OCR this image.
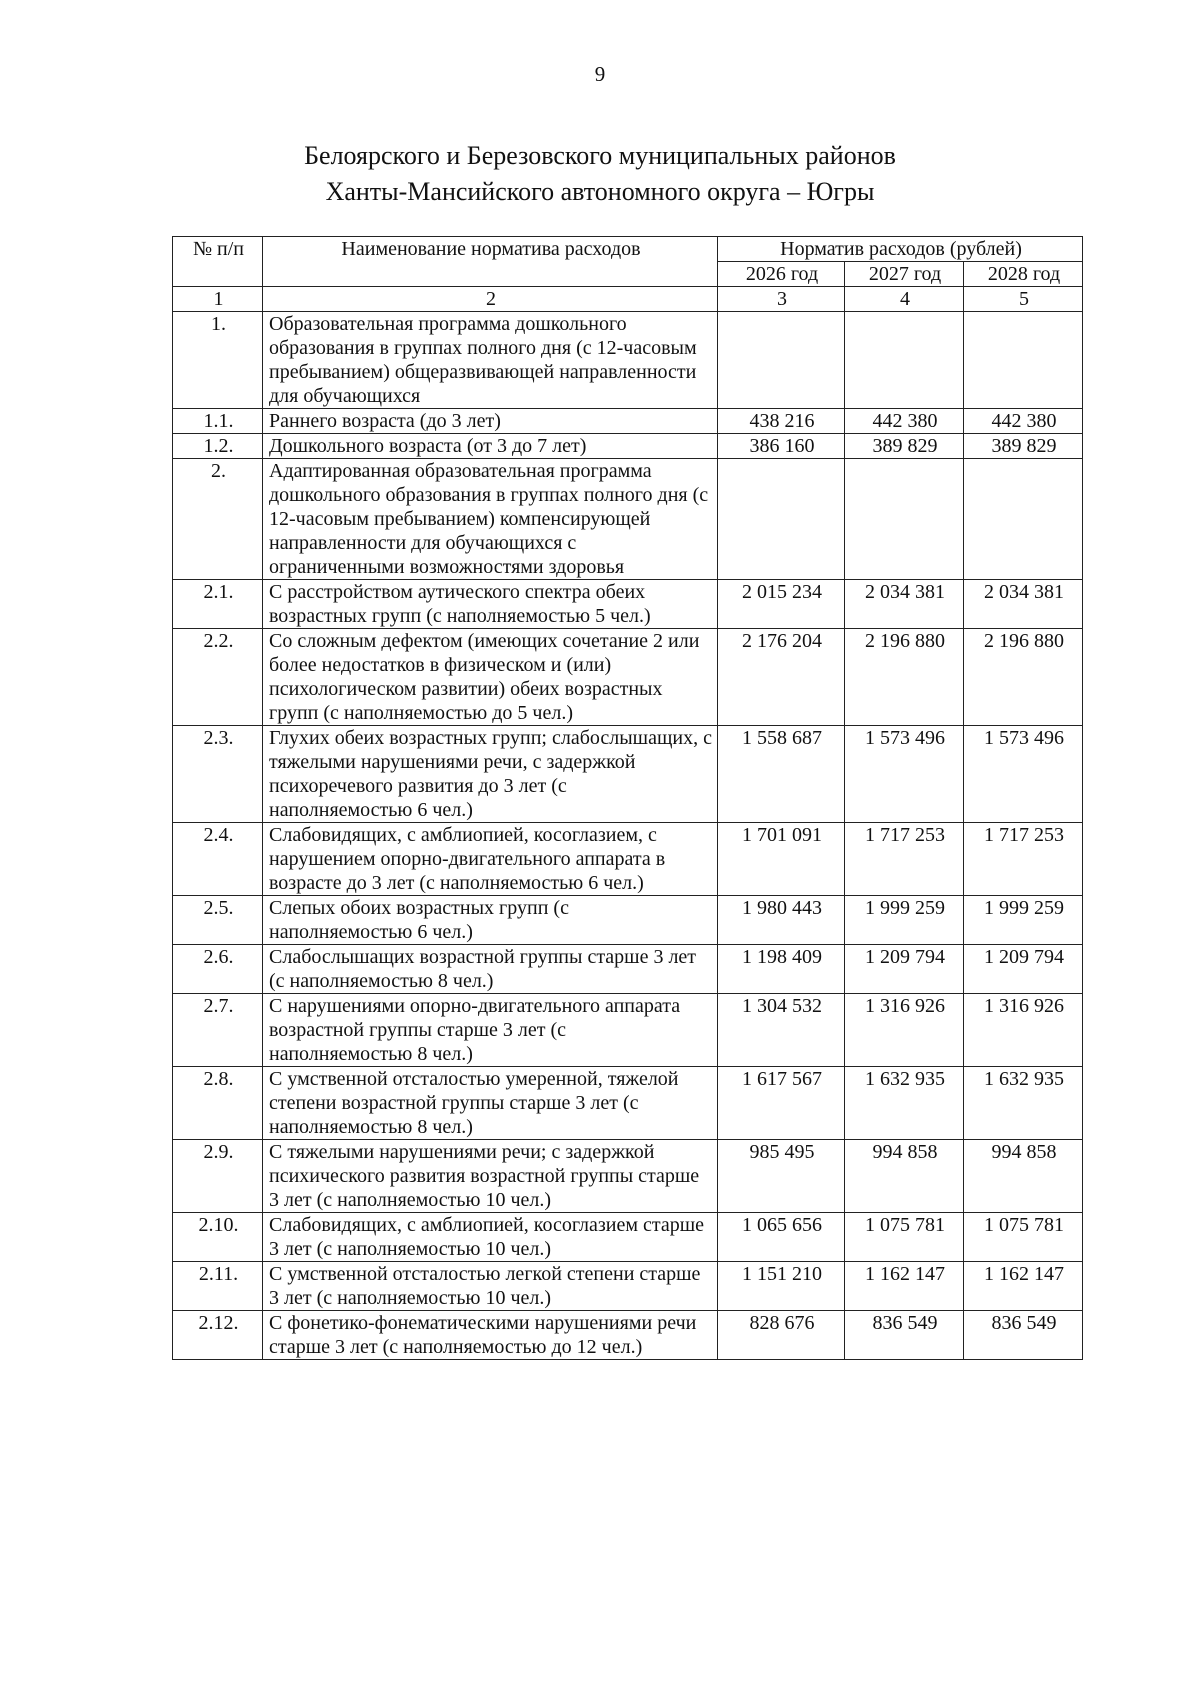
9
Белоярского и Березовского муниципальных районов
Ханты-Мансийского автономного округа – Югры
№ п/п	Наименование норматива расходов	Норматив расходов (рублей)		
		2026 год	2027 год	2028 год
1	2	3	4	5
1.	Образовательная программа дошкольного образования в группах полного дня (с 12-часовым пребыванием) общеразвивающей направленности для обучающихся			
1.1.	Раннего возраста (до 3 лет)	438 216	442 380	442 380
1.2.	Дошкольного возраста (от 3 до 7 лет)	386 160	389 829	389 829
2.	Адаптированная образовательная программа дошкольного образования в группах полного дня (с 12-часовым пребыванием) компенсирующей направленности для обучающихся с ограниченными возможностями здоровья			
2.1.	С расстройством аутического спектра обеих возрастных групп (с наполняемостью 5 чел.)	2 015 234	2 034 381	2 034 381
2.2.	Со сложным дефектом (имеющих сочетание 2 или более недостатков в физическом и (или) психологическом развитии) обеих возрастных групп (с наполняемостью до 5 чел.)	2 176 204	2 196 880	2 196 880
2.3.	Глухих обеих возрастных групп; слабослышащих, с тяжелыми нарушениями речи, с задержкой психоречевого развития до 3 лет (с наполняемостью 6 чел.)	1 558 687	1 573 496	1 573 496
2.4.	Слабовидящих, с амблиопией, косоглазием, с нарушением опорно-двигательного аппарата в возрасте до 3 лет (с наполняемостью 6 чел.)	1 701 091	1 717 253	1 717 253
2.5.	Слепых обоих возрастных групп (с наполняемостью 6 чел.)	1 980 443	1 999 259	1 999 259
2.6.	Слабослышащих возрастной группы старше 3 лет (с наполняемостью 8 чел.)	1 198 409	1 209 794	1 209 794
2.7.	С нарушениями опорно-двигательного аппарата возрастной группы старше 3 лет (с наполняемостью 8 чел.)	1 304 532	1 316 926	1 316 926
2.8.	С умственной отсталостью умеренной, тяжелой степени возрастной группы старше 3 лет (с наполняемостью 8 чел.)	1 617 567	1 632 935	1 632 935
2.9.	С тяжелыми нарушениями речи; с задержкой психического развития возрастной группы старше 3 лет (с наполняемостью 10 чел.)	985 495	994 858	994 858
2.10.	Слабовидящих, с амблиопией, косоглазием старше 3 лет (с наполняемостью 10 чел.)	1 065 656	1 075 781	1 075 781
2.11.	С умственной отсталостью легкой степени старше 3 лет (с наполняемостью 10 чел.)	1 151 210	1 162 147	1 162 147
2.12.	С фонетико-фонематическими нарушениями речи старше 3 лет (с наполняемостью до 12 чел.)	828 676	836 549	836 549
